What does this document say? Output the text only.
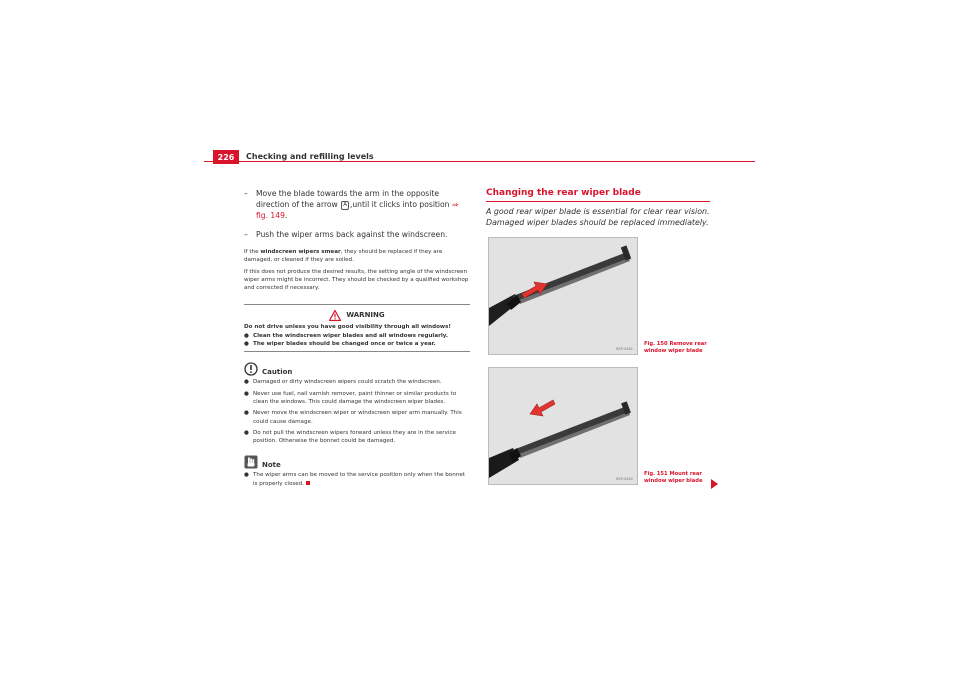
226	Checking and refilling levels
– Move the blade towards the arm in the opposite direction of the arrow A ,until it clicks into position ⇒ fig. 149.
– Push the wiper arms back against the windscreen.

If the windscreen wipers smear, they should be replaced if they are damaged, or cleaned if they are soiled.

If this does not produce the desired results, the setting angle of the windscreen wiper arms might be incorrect. They should be checked by a qualified workshop and corrected if necessary.

WARNING

Do not drive unless you have good visibility through all windows!

● Clean the windscreen wiper blades and all windows regularly.

● The wiper blades should be changed once or twice a year.

Caution

● Damaged or dirty windscreen wipers could scratch the windscreen.

● Never use fuel, nail varnish remover, paint thinner or similar products to clean the windows. This could damage the windscreen wiper blades.

● Never move the windscreen wiper or windscreen wiper arm manually. This could cause damage.

● Do not pull the windscreen wipers forward unless they are in the service position. Otherwise the bonnet could be damaged.

Note

● The wiper arms can be moved to the service position only when the bonnet is properly closed.

Changing the rear wiper blade
A good rear wiper blade is essential for clear rear vision. Damaged wiper blades should be replaced immediately.
B5P-0481
Fig. 150 Remove rear
window wiper blade
B5P-0482
Fig. 151 Mount rear
window wiper blade
